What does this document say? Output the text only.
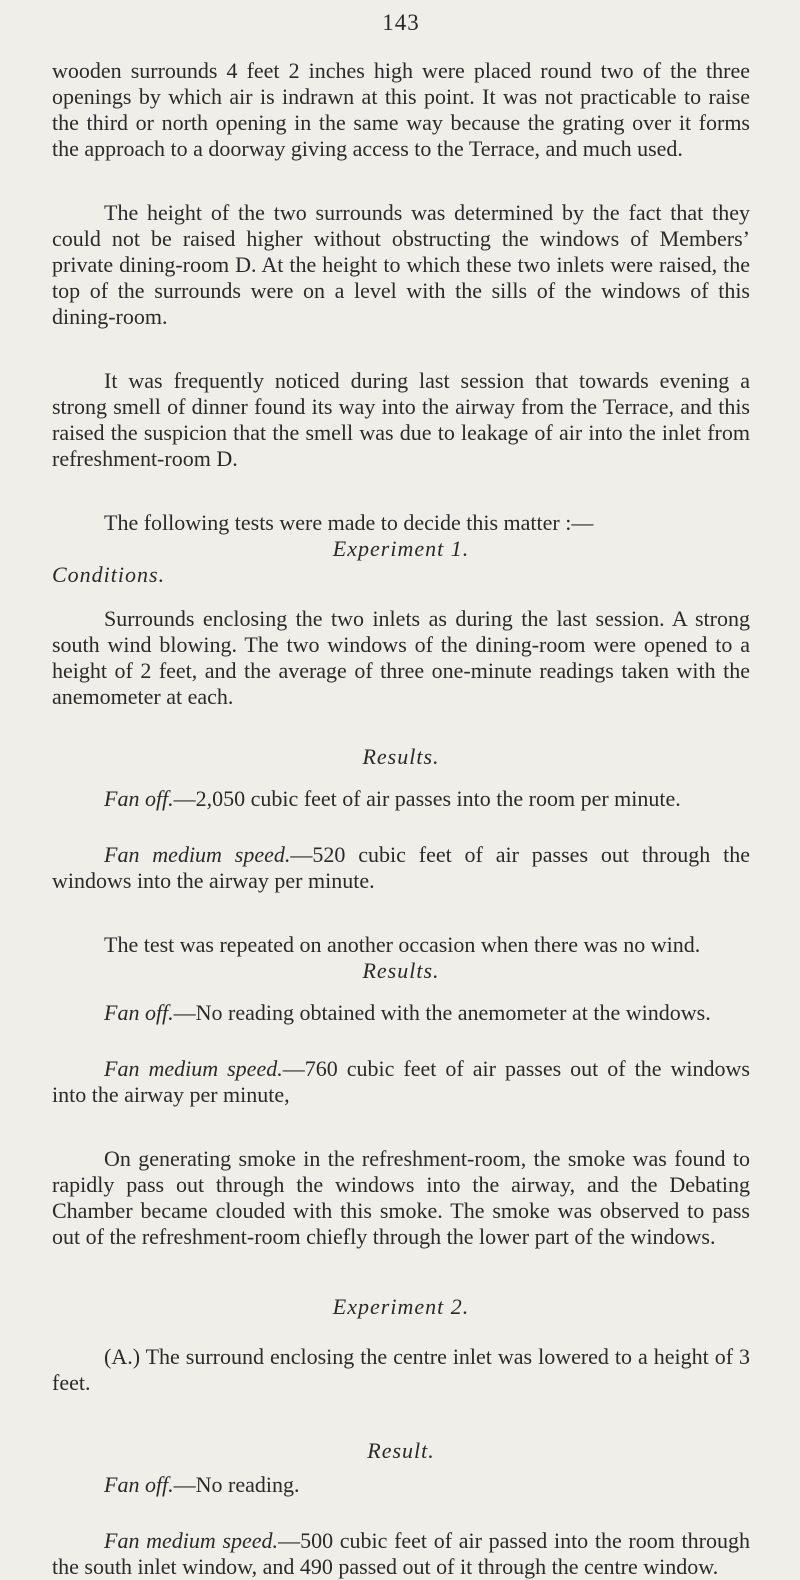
143

wooden surrounds 4 feet 2 inches high were placed round two of the three openings by which air is indrawn at this point. It was not practicable to raise the third or north opening in the same way because the grating over it forms the approach to a doorway giving access to the Terrace, and much used.

The height of the two surrounds was determined by the fact that they could not be raised higher without obstructing the windows of Members’ private dining-room D. At the height to which these two inlets were raised, the top of the surrounds were on a level with the sills of the windows of this dining-room.

It was frequently noticed during last session that towards evening a strong smell of dinner found its way into the airway from the Terrace, and this raised the suspicion that the smell was due to leakage of air into the inlet from refreshment-room D.

The following tests were made to decide this matter :—

Experiment 1.

Conditions.

Surrounds enclosing the two inlets as during the last session. A strong south wind blowing. The two windows of the dining-room were opened to a height of 2 feet, and the average of three one-minute readings taken with the anemometer at each.

Results.

Fan off.—2,050 cubic feet of air passes into the room per minute.

Fan medium speed.—520 cubic feet of air passes out through the windows into the airway per minute.

The test was repeated on another occasion when there was no wind.

Results.

Fan off.—No reading obtained with the anemometer at the windows.

Fan medium speed.—760 cubic feet of air passes out of the windows into the airway per minute,

On generating smoke in the refreshment-room, the smoke was found to rapidly pass out through the windows into the airway, and the Debating Chamber became clouded with this smoke. The smoke was observed to pass out of the refreshment-room chiefly through the lower part of the windows.

Experiment 2.

(A.) The surround enclosing the centre inlet was lowered to a height of 3 feet.

Result.

Fan off.—No reading.

Fan medium speed.—500 cubic feet of air passed into the room through the south inlet window, and 490 passed out of it through the centre window.
